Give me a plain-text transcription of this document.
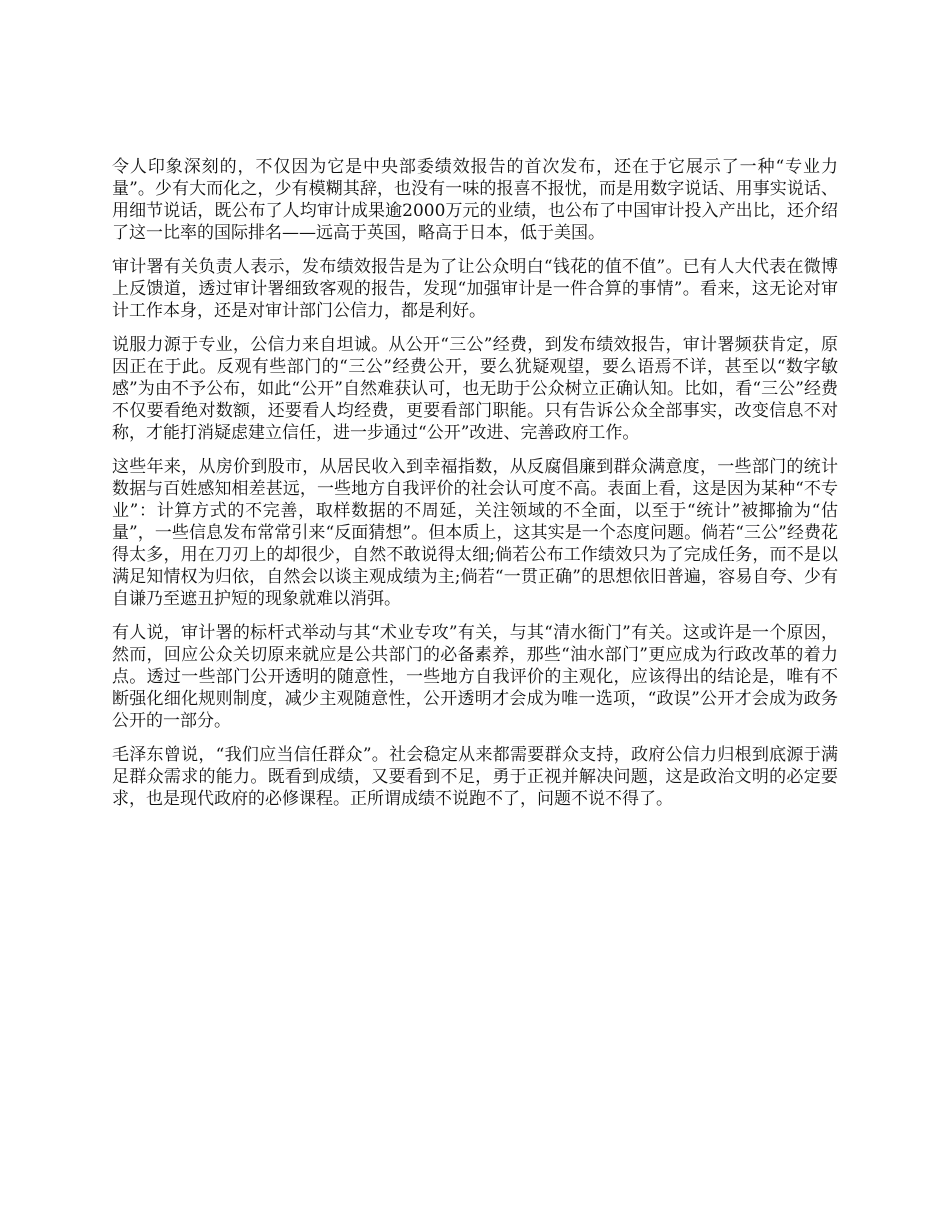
令人印象深刻的，不仅因为它是中央部委绩效报告的首次发布，还在于它展示了一种“专业力量”。少有大而化之，少有模糊其辞，也没有一味的报喜不报忧，而是用数字说话、用事实说话、用细节说话，既公布了人均审计成果逾2000万元的业绩，也公布了中国审计投入产出比，还介绍了这一比率的国际排名——远高于英国，略高于日本，低于美国。

审计署有关负责人表示，发布绩效报告是为了让公众明白“钱花的值不值”。已有人大代表在微博上反馈道，透过审计署细致客观的报告，发现“加强审计是一件合算的事情”。看来，这无论对审计工作本身，还是对审计部门公信力，都是利好。

说服力源于专业，公信力来自坦诚。从公开“三公”经费，到发布绩效报告，审计署频获肯定，原因正在于此。反观有些部门的“三公”经费公开，要么犹疑观望，要么语焉不详，甚至以“数字敏感”为由不予公布，如此“公开”自然难获认可，也无助于公众树立正确认知。比如，看“三公”经费不仅要看绝对数额，还要看人均经费，更要看部门职能。只有告诉公众全部事实，改变信息不对称，才能打消疑虑建立信任，进一步通过“公开”改进、完善政府工作。

这些年来，从房价到股市，从居民收入到幸福指数，从反腐倡廉到群众满意度，一些部门的统计数据与百姓感知相差甚远，一些地方自我评价的社会认可度不高。表面上看，这是因为某种“不专业”：计算方式的不完善，取样数据的不周延，关注领域的不全面，以至于“统计”被揶揄为“估量”，一些信息发布常常引来“反面猜想”。但本质上，这其实是一个态度问题。倘若“三公”经费花得太多，用在刀刃上的却很少，自然不敢说得太细;倘若公布工作绩效只为了完成任务，而不是以满足知情权为归依，自然会以谈主观成绩为主;倘若“一贯正确”的思想依旧普遍，容易自夸、少有自谦乃至遮丑护短的现象就难以消弭。

有人说，审计署的标杆式举动与其“术业专攻”有关，与其“清水衙门”有关。这或许是一个原因，然而，回应公众关切原来就应是公共部门的必备素养，那些“油水部门”更应成为行政改革的着力点。透过一些部门公开透明的随意性，一些地方自我评价的主观化，应该得出的结论是，唯有不断强化细化规则制度，减少主观随意性，公开透明才会成为唯一选项，“政误”公开才会成为政务公开的一部分。

毛泽东曾说，“我们应当信任群众”。社会稳定从来都需要群众支持，政府公信力归根到底源于满足群众需求的能力。既看到成绩，又要看到不足，勇于正视并解决问题，这是政治文明的必定要求，也是现代政府的必修课程。正所谓成绩不说跑不了，问题不说不得了。
